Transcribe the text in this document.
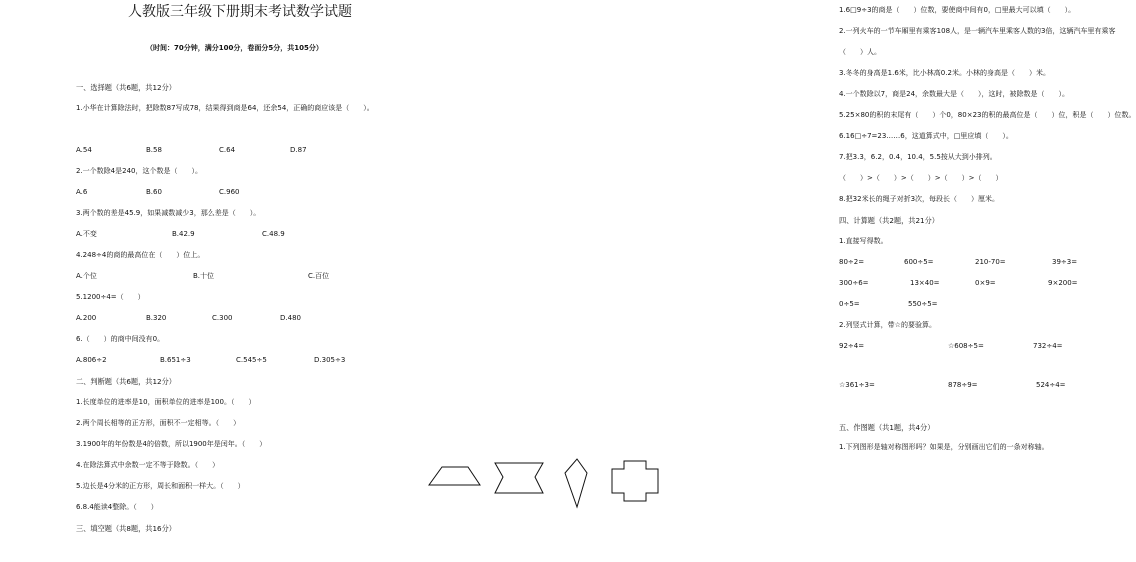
人教版三年级下册期末考试数学试题
（时间：70分钟，满分100分，卷面分5分，共105分）
一、选择题（共6题，共12分）
1.小华在计算除法时，把除数87写成78，结果得到商是64，还余54，正确的商应该是（　　）。
A.54	B.58	C.64	D.87
2.一个数除4是240，这个数是（　　）。
A.6	B.60	C.960
3.两个数的差是45.9，如果减数减少3，那么差是（　　）。
A.不变	B.42.9	C.48.9
4.248÷4的商的最高位在（　　）位上。
A.个位	B.十位	C.百位
5.1200÷4=（　　）
A.200	B.320	C.300	D.480
6.（　　）的商中间没有0。
A.806÷2	B.651÷3	C.545÷5	D.305÷3
二、判断题（共6题，共12分）
1.长度单位的进率是10，面积单位的进率是100。（　　）
2.两个周长相等的正方形，面积不一定相等。（　　）
3.1900年的年份数是4的倍数，所以1900年是闰年。（　　）
4.在除法算式中余数一定不等于除数。（　　）
5.边长是4分米的正方形，周长和面积一样大。（　　）
6.8.4能读4整除。（　　）
三、填空题（共8题，共16分）
1.6□9÷3的商是（　　）位数，要使商中间有0，□里最大可以填（　　）。
2.一列火车的一节车厢里有乘客108人，是一辆汽车里乘客人数的3倍，这辆汽车里有乘客
（　　）人。
3.冬冬的身高是1.6米，比小林高0.2米。小林的身高是（　　）米。
4.一个数除以7，商是24，余数最大是（　　），这时，被除数是（　　）。
5.25×80的积的末尾有（　　）个0，80×23的积的最高位是（　　）位，积是（　　）位数。
6.16□÷7=23……6，这道算式中，□里应填（　　）。
7.把3.3，6.2，0.4，10.4，5.5按从大到小排列。
（　　）>（　　）>（　　）>（　　）>（　　）
8.把32米长的绳子对折3次，每段长（　　）厘米。
四、计算题（共2题，共21分）
1.直接写得数。
80÷2=	600÷5=	210-70=	39÷3=
300÷6=	13×40=	0×9=	9×200=
0÷5=	550÷5=
2.列竖式计算，带☆的要验算。
92÷4=	☆608÷5=	732÷4=
☆361÷3=	878÷9=	524÷4=
五、作图题（共1题，共4分）
1.下列图形是轴对称图形吗？如果是，分别画出它们的一条对称轴。
